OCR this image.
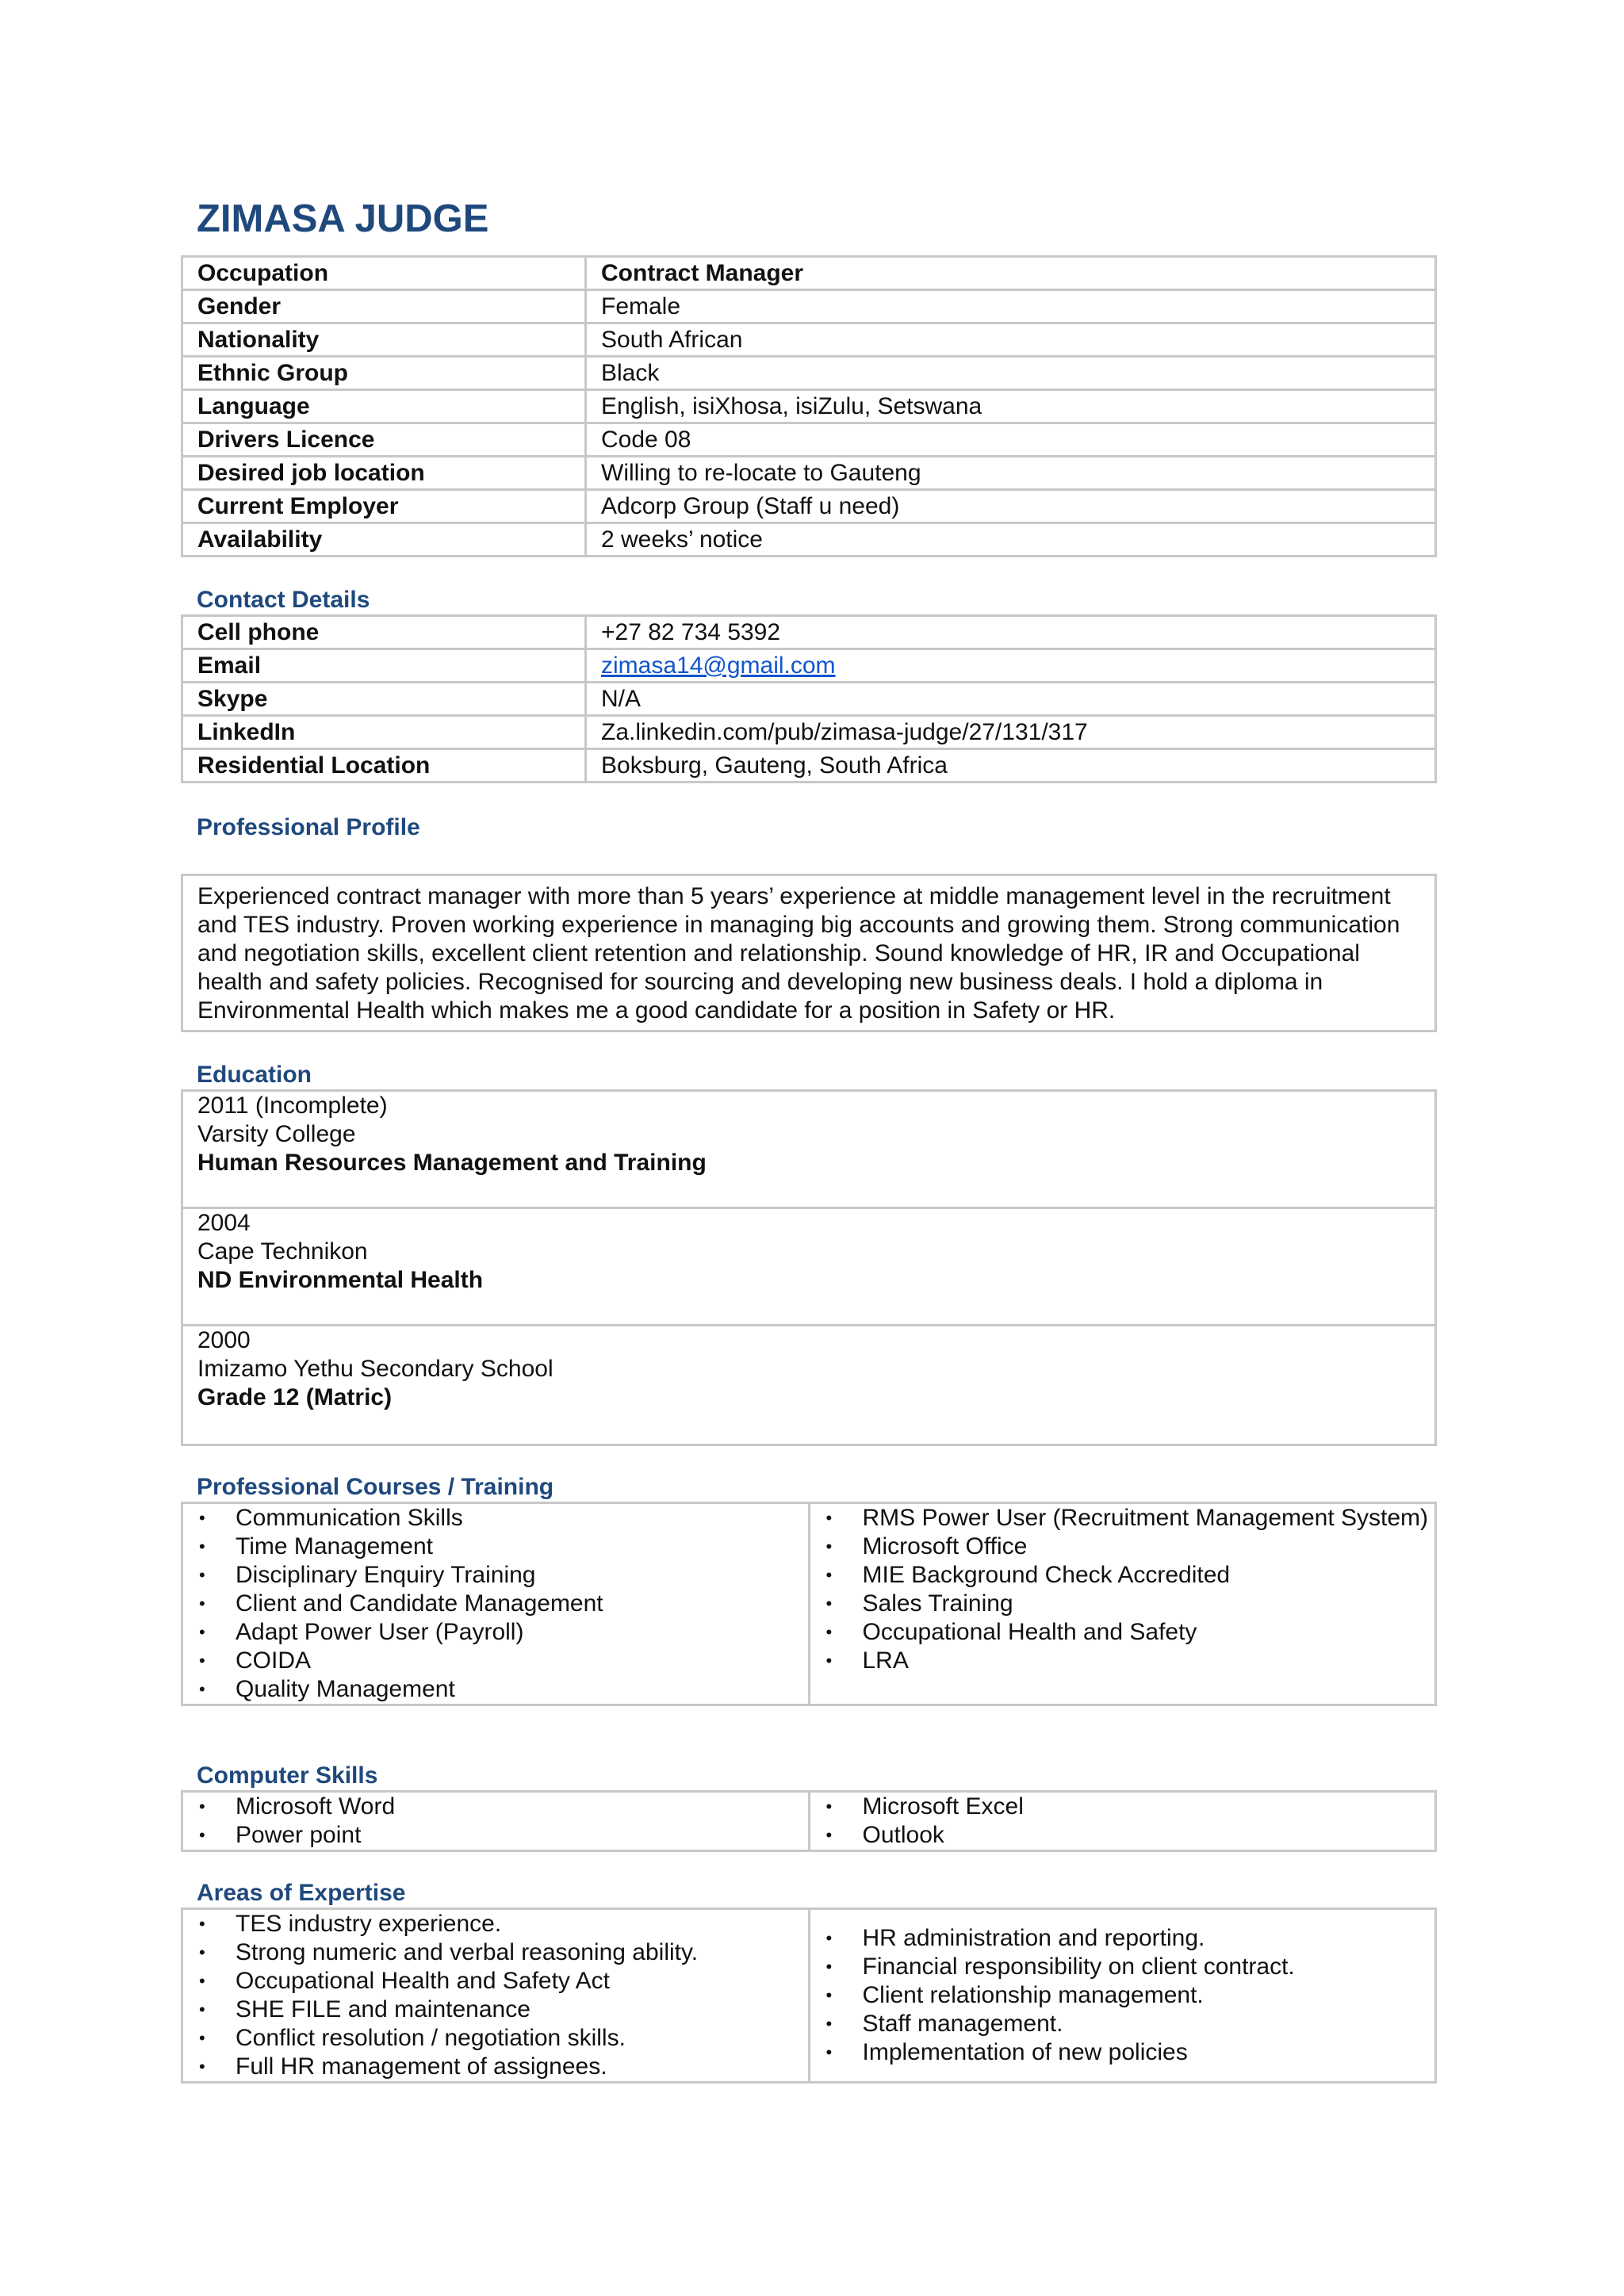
ZIMASA JUDGE
Occupation	Contract Manager
Gender	Female
Nationality	South African
Ethnic Group	Black
Language	English, isiXhosa, isiZulu, Setswana
Drivers Licence	Code 08
Desired job location	Willing to re-locate to Gauteng
Current Employer	Adcorp Group (Staff u need)
Availability	2 weeks’ notice
Contact Details
Cell phone	+27 82 734 5392
Email	zimasa14@gmail.com
Skype	N/A
LinkedIn	Za.linkedin.com/pub/zimasa-judge/27/131/317
Residential Location	Boksburg, Gauteng, South Africa
Professional Profile
Experienced contract manager with more than 5 years’ experience at middle management level in the recruitment and TES industry. Proven working experience in managing big accounts and growing them. Strong communication and negotiation skills, excellent client retention and relationship. Sound knowledge of HR, IR and Occupational health and safety policies. Recognised for sourcing and developing new business deals. I hold a diploma in Environmental Health which makes me a good candidate for a position in Safety or HR.
Education
2011 (Incomplete)
Varsity College
Human Resources Management and Training
2004
Cape Technikon
ND Environmental Health
2000
Imizamo Yethu Secondary School
Grade 12 (Matric)
Professional Courses / Training
• Communication Skills
• Time Management
• Disciplinary Enquiry Training
• Client and Candidate Management
• Adapt Power User (Payroll)
• COIDA
• Quality Management

• RMS Power User (Recruitment Management System)
• Microsoft Office
• MIE Background Check Accredited
• Sales Training
• Occupational Health and Safety
• LRA
Computer Skills
• Microsoft Word
• Power point

• Microsoft Excel
• Outlook
Areas of Expertise
• TES industry experience.
• Strong numeric and verbal reasoning ability.
• Occupational Health and Safety Act
• SHE FILE and maintenance
• Conflict resolution / negotiation skills.
• Full HR management of assignees.

• HR administration and reporting.
• Financial responsibility on client contract.
• Client relationship management.
• Staff management.
• Implementation of new policies
